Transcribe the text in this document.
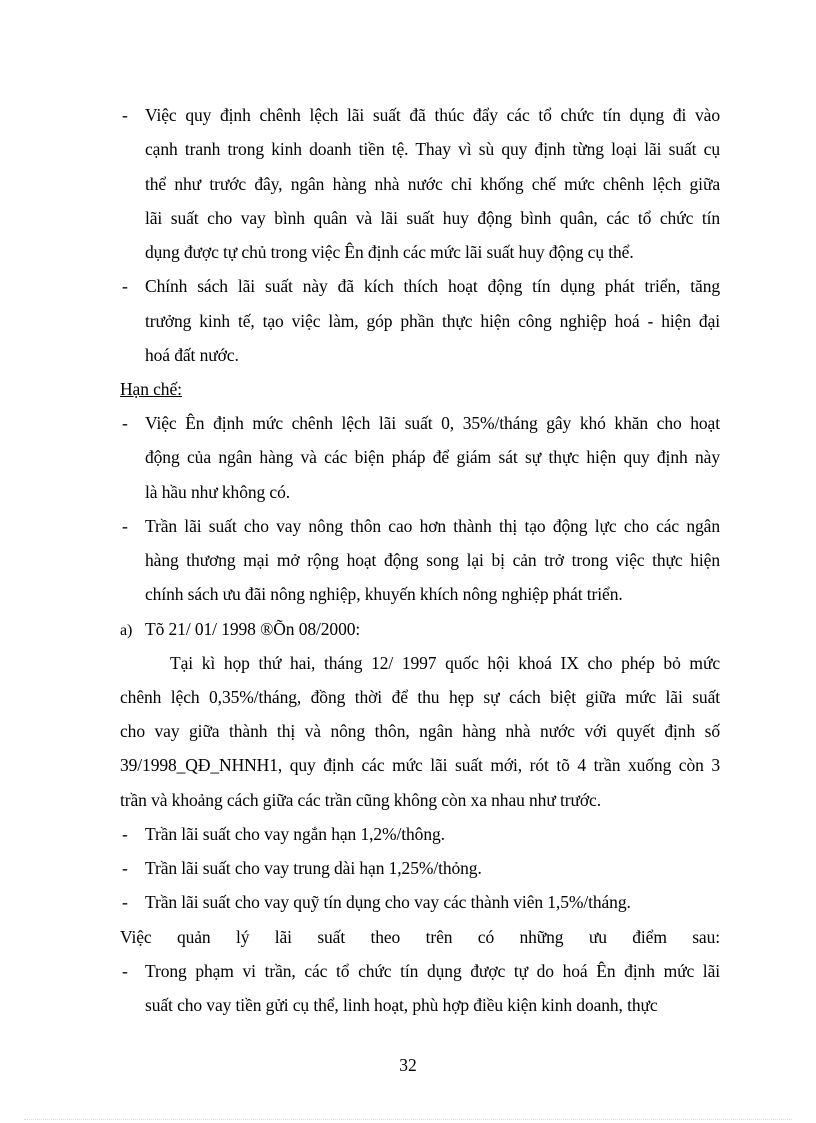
- Việc quy định chênh lệch lãi suất đã thúc đẩy các tổ chức tín dụng đi vào
cạnh tranh trong kinh doanh tiền tệ. Thay vì sù quy định từng loại lãi suất cụ
thể như trước đây, ngân hàng nhà nước chỉ khống chế mức chênh lệch giữa
lãi suất cho vay bình quân và lãi suất huy động bình quân, các tổ chức tín
dụng được tự chủ trong việc Ên định các mức lãi suất huy động cụ thể.
- Chính sách lãi suất này đã kích thích hoạt động tín dụng phát triển, tăng
trưởng kinh tế, tạo việc làm, góp phần thực hiện công nghiệp hoá - hiện đại
hoá đất nước.
Hạn chế:
- Việc Ên định mức chênh lệch lãi suất 0, 35%/tháng gây khó khăn cho hoạt
động của ngân hàng và các biện pháp để giám sát sự thực hiện quy định này
là hầu như không có.
- Trần lãi suất cho vay nông thôn cao hơn thành thị tạo động lực cho các ngân
hàng thương mại mở rộng hoạt động song lại bị cản trở trong việc thực hiện
chính sách ưu đãi nông nghiệp, khuyến khích nông nghiệp phát triển.
a) Tõ 21/ 01/ 1998 ®Õn 08/2000:
Tại kì họp thứ hai, tháng 12/ 1997 quốc hội khoá IX cho phép bỏ mức
chênh lệch 0,35%/tháng, đồng thời để thu hẹp sự cách biệt giữa mức lãi suất
cho vay giữa thành thị và nông thôn, ngân hàng nhà nước với quyết định số
39/1998_QĐ_NHNH1, quy định các mức lãi suất mới, rót tõ 4 trần xuống còn 3
trần và khoảng cách giữa các trần cũng không còn xa nhau như trước.
- Trần lãi suất cho vay ngắn hạn 1,2%/thông.
- Trần lãi suất cho vay trung dài hạn 1,25%/thỏng.
- Trần lãi suất cho vay quỹ tín dụng cho vay các thành viên 1,5%/tháng.
Việc quản lý lãi suất theo trên có những ưu điểm sau:
- Trong phạm vi trần, các tổ chức tín dụng được tự do hoá Ên định mức lãi
suất cho vay tiền gửi cụ thể, linh hoạt, phù hợp điều kiện kinh doanh, thực
32
